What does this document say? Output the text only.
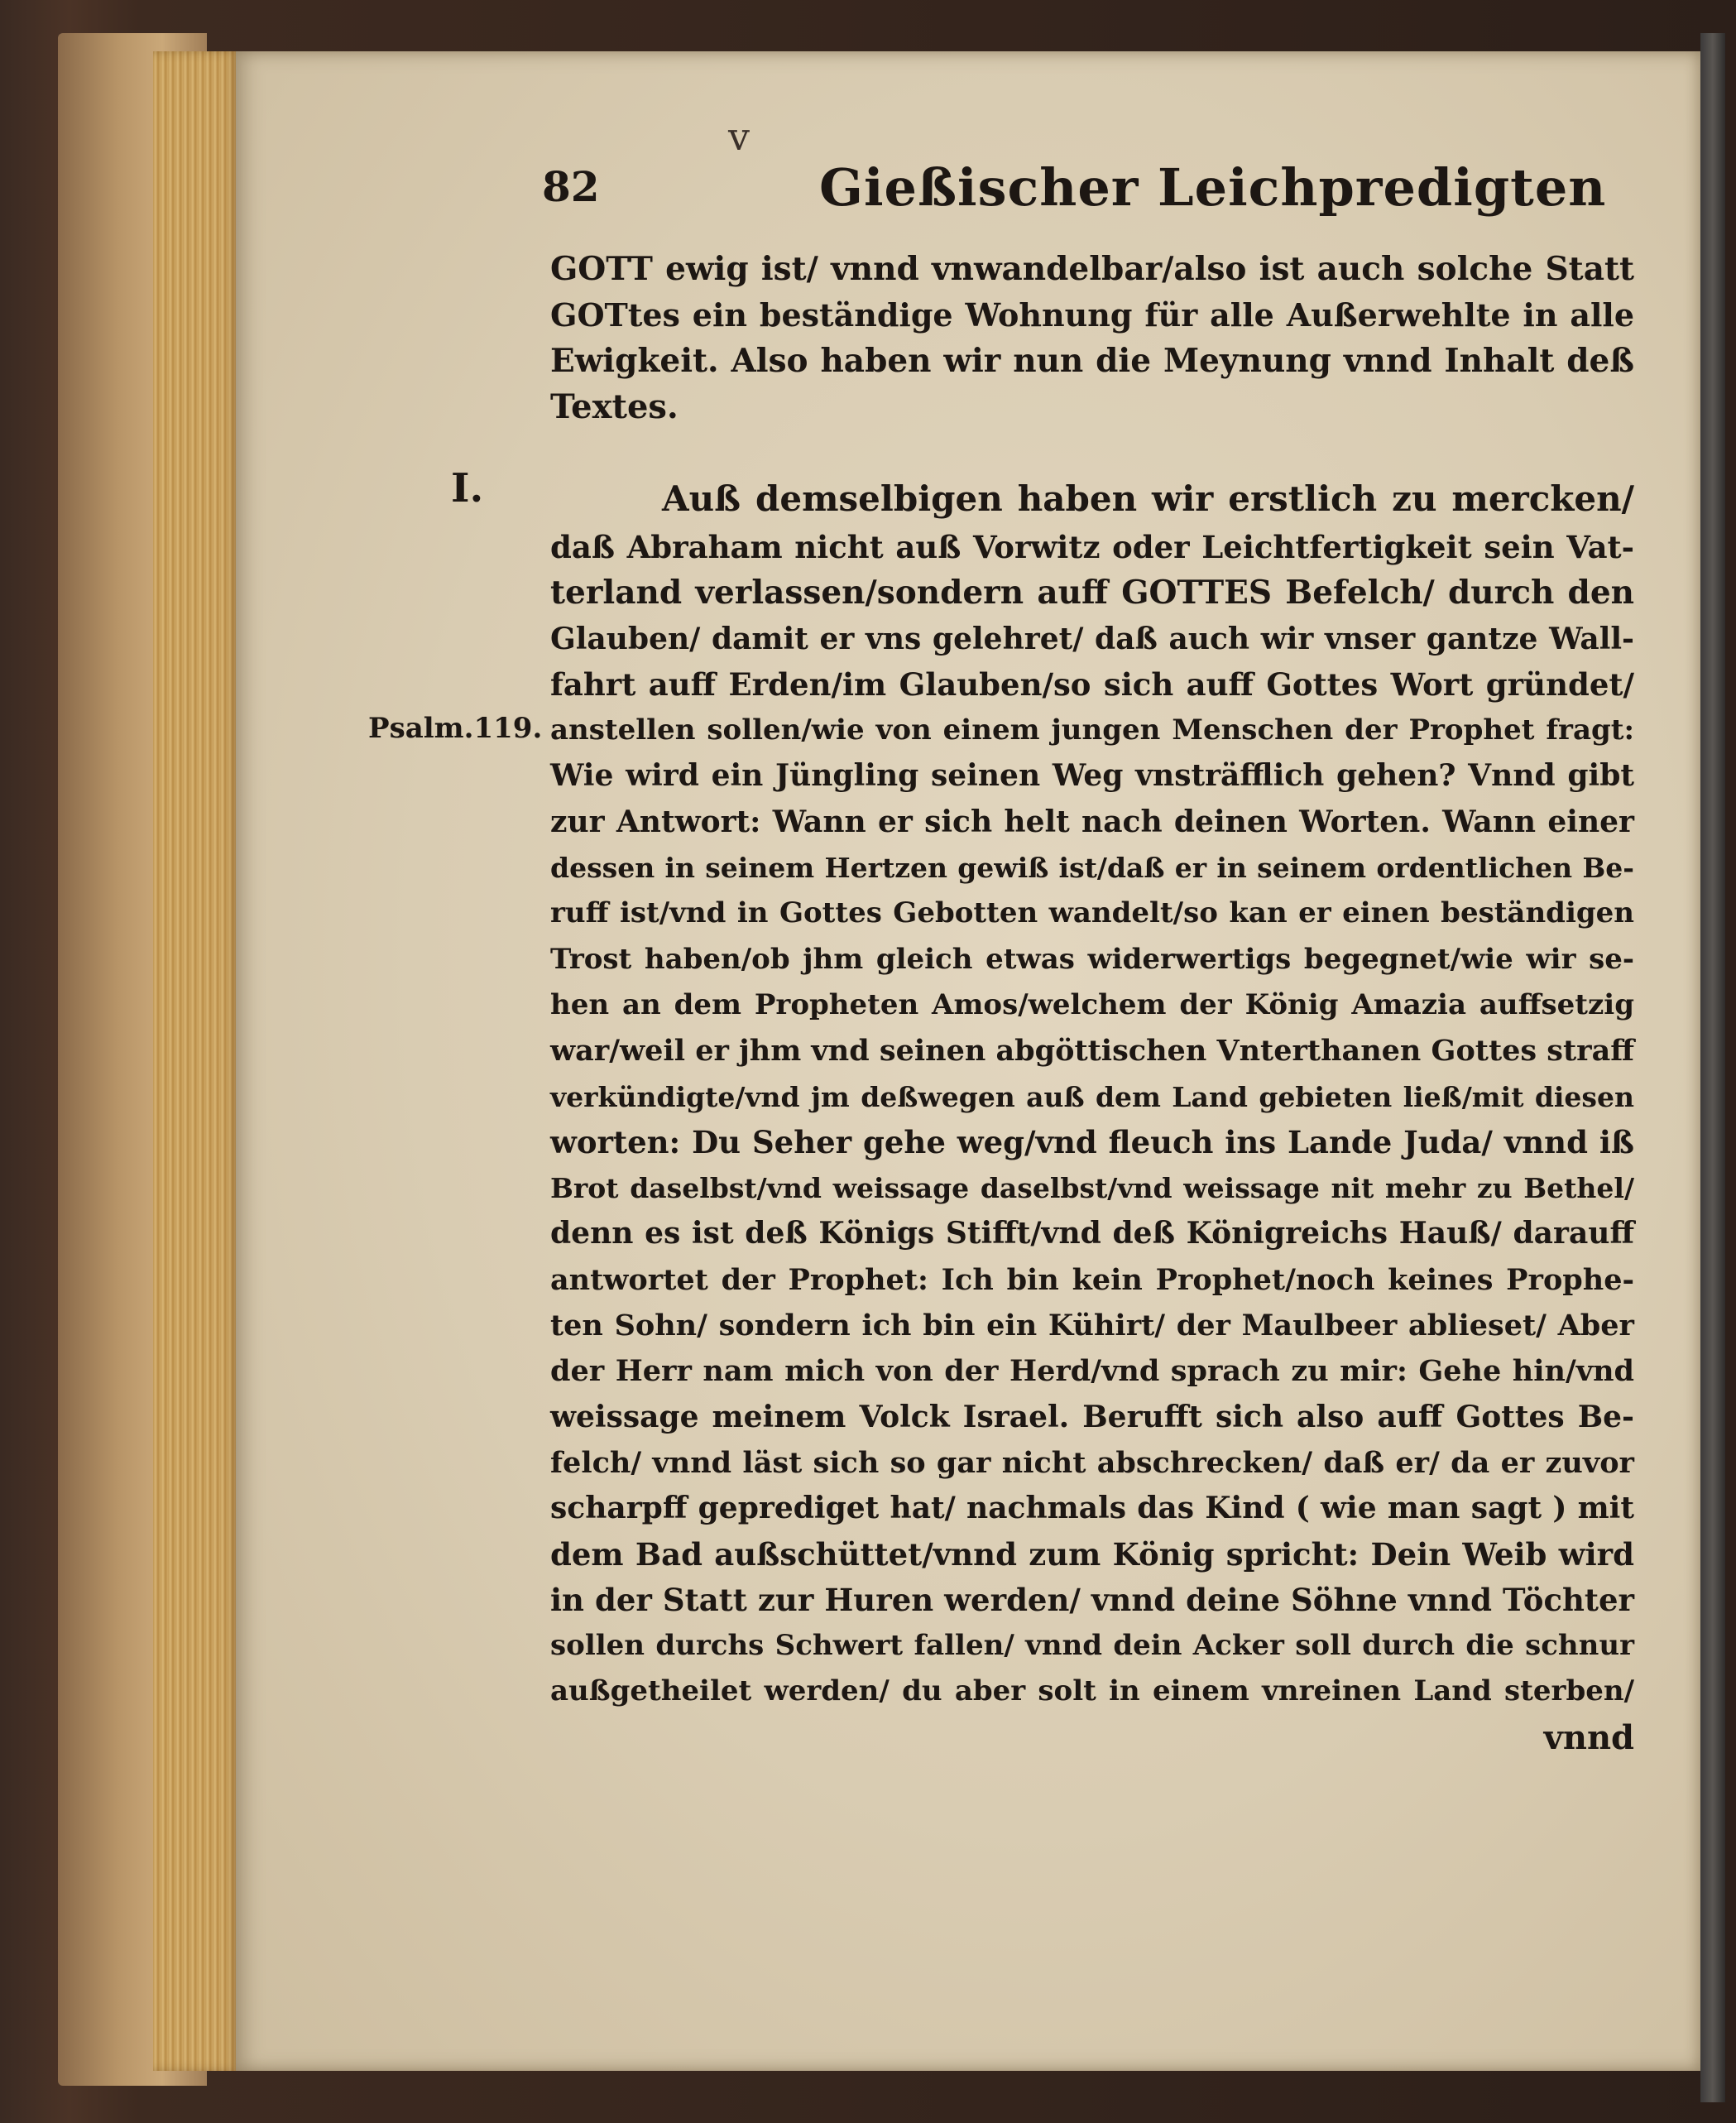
v
82	Gießischer Leichpredigten
GOTT ewig ist/ vnnd vnwandelbar/also ist auch solche Statt
GOTtes ein beständige Wohnung für alle Außerwehlte in alle
Ewigkeit. Also haben wir nun die Meynung vnnd Inhalt deß
Textes.
I.
Psalm.119.
Auß demselbigen haben wir erstlich zu mercken/
daß Abraham nicht auß Vorwitz oder Leichtfertigkeit sein Vat-
terland verlassen/sondern auff GOTTES Befelch/ durch den
Glauben/ damit er vns gelehret/ daß auch wir vnser gantze Wall-
fahrt auff Erden/im Glauben/so sich auff Gottes Wort gründet/
anstellen sollen/wie von einem jungen Menschen der Prophet fragt:
Wie wird ein Jüngling seinen Weg vnsträfflich gehen? Vnnd gibt
zur Antwort: Wann er sich helt nach deinen Worten. Wann einer
dessen in seinem Hertzen gewiß ist/daß er in seinem ordentlichen Be-
ruff ist/vnd in Gottes Gebotten wandelt/so kan er einen beständigen
Trost haben/ob jhm gleich etwas widerwertigs begegnet/wie wir se-
hen an dem Propheten Amos/welchem der König Amazia auffsetzig
war/weil er jhm vnd seinen abgöttischen Vnterthanen Gottes straff
verkündigte/vnd jm deßwegen auß dem Land gebieten ließ/mit diesen
worten: Du Seher gehe weg/vnd fleuch ins Lande Juda/ vnnd iß
Brot daselbst/vnd weissage daselbst/vnd weissage nit mehr zu Bethel/
denn es ist deß Königs Stifft/vnd deß Königreichs Hauß/ darauff
antwortet der Prophet: Ich bin kein Prophet/noch keines Prophe-
ten Sohn/ sondern ich bin ein Kühirt/ der Maulbeer ablieset/ Aber
der Herr nam mich von der Herd/vnd sprach zu mir: Gehe hin/vnd
weissage meinem Volck Israel. Berufft sich also auff Gottes Be-
felch/ vnnd läst sich so gar nicht abschrecken/ daß er/ da er zuvor
scharpff geprediget hat/ nachmals das Kind ( wie man sagt ) mit
dem Bad außschüttet/vnnd zum König spricht: Dein Weib wird
in der Statt zur Huren werden/ vnnd deine Söhne vnnd Töchter
sollen durchs Schwert fallen/ vnnd dein Acker soll durch die schnur
außgetheilet werden/ du aber solt in einem vnreinen Land sterben/
vnnd
